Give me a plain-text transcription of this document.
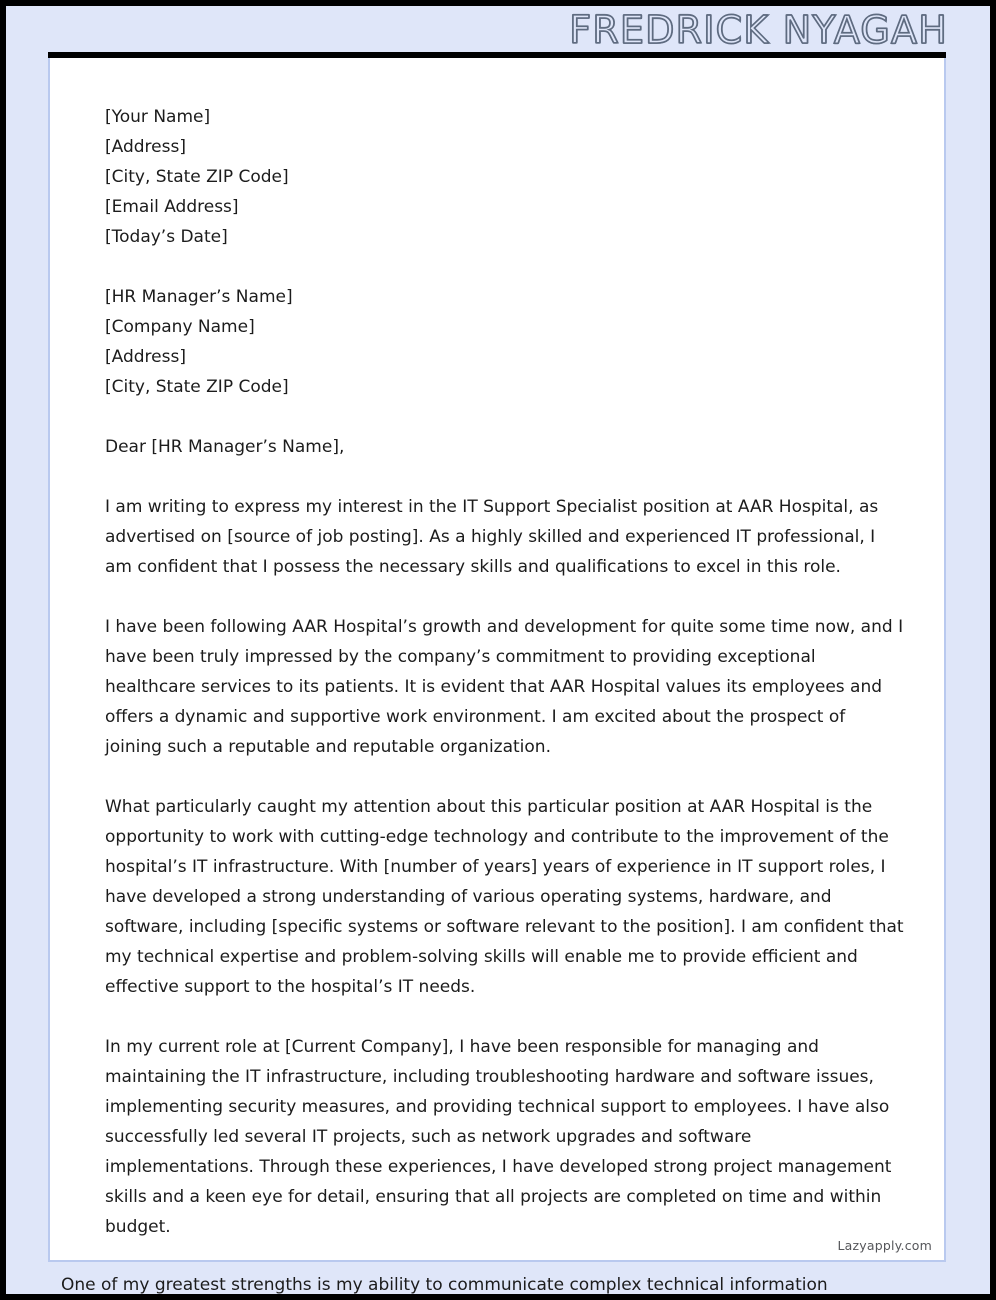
FREDRICK NYAGAH
[Your Name]
[Address]
[City, State ZIP Code]
[Email Address]
[Today’s Date]
[HR Manager’s Name]
[Company Name]
[Address]
[City, State ZIP Code]

Dear [HR Manager’s Name],

I am writing to express my interest in the IT Support Specialist position at AAR Hospital, as advertised on [source of job posting]. As a highly skilled and experienced IT professional, I am confident that I possess the necessary skills and qualifications to excel in this role.

I have been following AAR Hospital’s growth and development for quite some time now, and I have been truly impressed by the company’s commitment to providing exceptional healthcare services to its patients. It is evident that AAR Hospital values its employees and offers a dynamic and supportive work environment. I am excited about the prospect of joining such a reputable and reputable organization.

What particularly caught my attention about this particular position at AAR Hospital is the opportunity to work with cutting-edge technology and contribute to the improvement of the hospital’s IT infrastructure. With [number of years] years of experience in IT support roles, I have developed a strong understanding of various operating systems, hardware, and software, including [specific systems or software relevant to the position]. I am confident that my technical expertise and problem-solving skills will enable me to provide efficient and effective support to the hospital’s IT needs.

In my current role at [Current Company], I have been responsible for managing and maintaining the IT infrastructure, including troubleshooting hardware and software issues, implementing security measures, and providing technical support to employees. I have also successfully led several IT projects, such as network upgrades and software implementations. Through these experiences, I have developed strong project management skills and a keen eye for detail, ensuring that all projects are completed on time and within budget.

Lazyapply.com
One of my greatest strengths is my ability to communicate complex technical information
